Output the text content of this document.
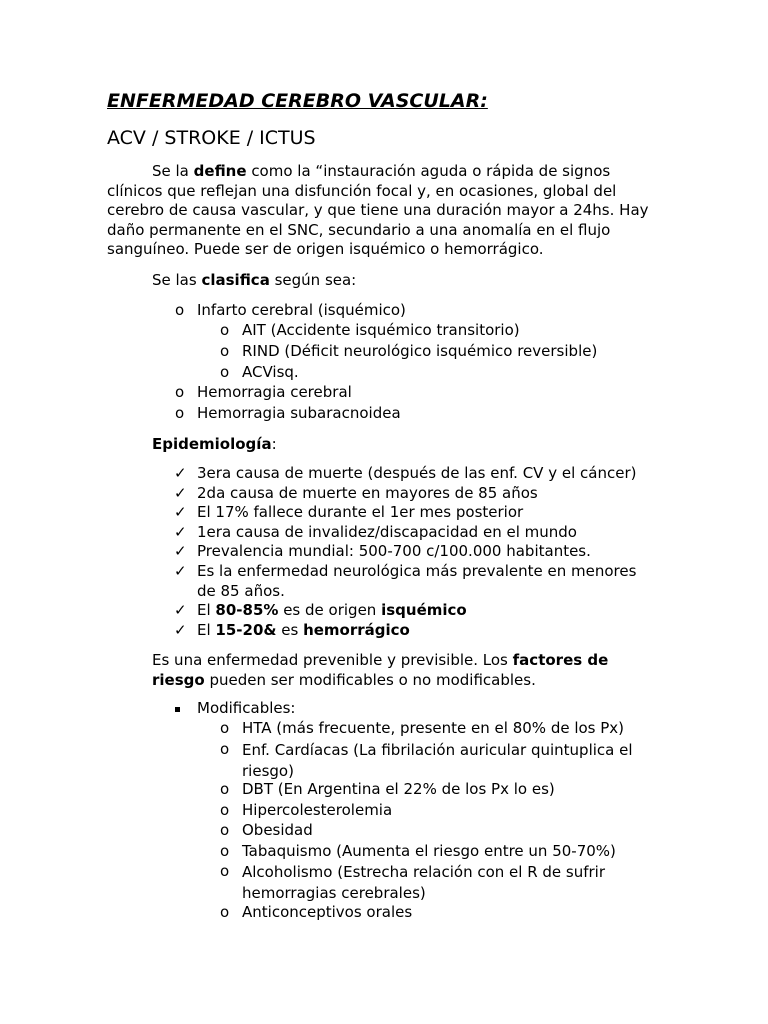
ENFERMEDAD CEREBRO VASCULAR:
ACV / STROKE / ICTUS

Se la define como la “instauración aguda o rápida de signos clínicos que reflejan una disfunción focal y, en ocasiones, global del cerebro de causa vascular, y que tiene una duración mayor a 24hs. Hay daño permanente en el SNC, secundario a una anomalía en el flujo sanguíneo. Puede ser de origen isquémico o hemorrágico.

Se las clasifica según sea:
o Infarto cerebral (isquémico)
o AIT (Accidente isquémico transitorio)
o RIND (Déficit neurológico isquémico reversible)
o ACVisq.
o Hemorragia cerebral
o Hemorragia subaracnoidea
Epidemiología:
✓ 3era causa de muerte (después de las enf. CV y el cáncer)
✓ 2da causa de muerte en mayores de 85 años
✓ El 17% fallece durante el 1er mes posterior
✓ 1era causa de invalidez/discapacidad en el mundo
✓ Prevalencia mundial: 500-700 c/100.000 habitantes.
✓ Es la enfermedad neurológica más prevalente en menores de 85 años.
✓ El 80-85% es de origen isquémico
✓ El 15-20& es hemorrágico

Es una enfermedad prevenible y previsible. Los factores de riesgo pueden ser modificables o no modificables.

Modificables:
o HTA (más frecuente, presente en el 80% de los Px)
o Enf. Cardíacas (La fibrilación auricular quintuplica el riesgo)
o DBT (En Argentina el 22% de los Px lo es)
o Hipercolesterolemia
o Obesidad
o Tabaquismo (Aumenta el riesgo entre un 50-70%)
o Alcoholismo (Estrecha relación con el R de sufrir hemorragias cerebrales)
o Anticonceptivos orales
